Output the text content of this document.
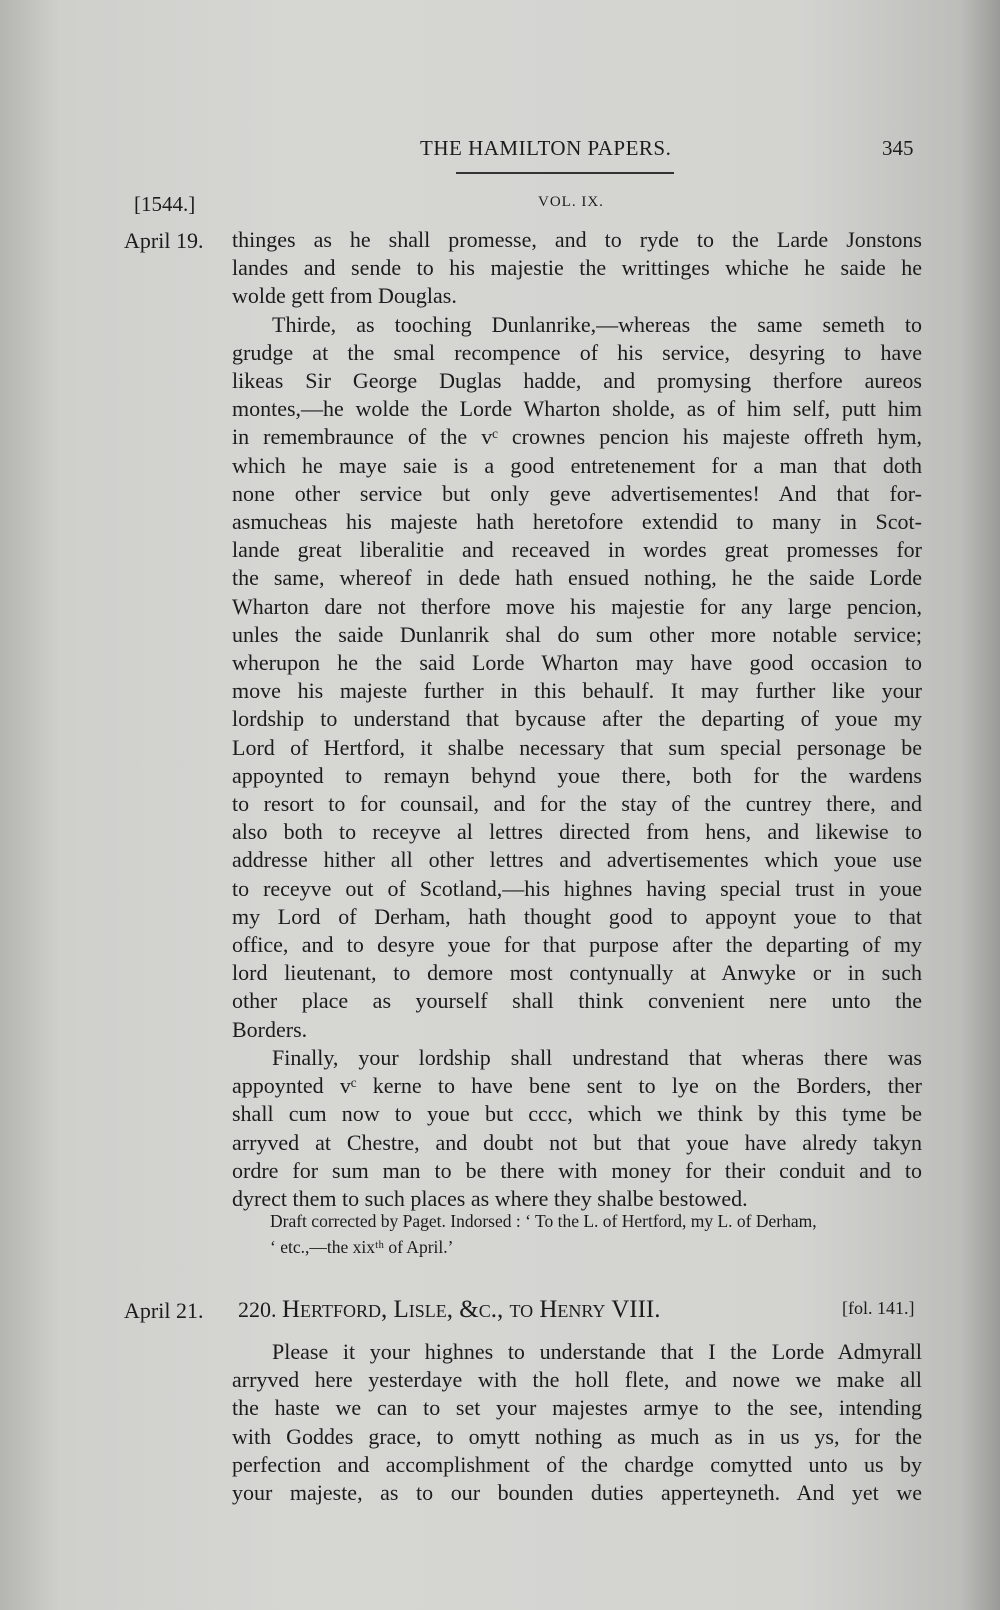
THE HAMILTON PAPERS.	345
[1544.]	VOL. IX.
April 19. thinges as he shall promesse, and to ryde to the Larde Jonstons
landes and sende to his majestie the writtinges whiche he saide he
wolde gett from Douglas.
Thirde, as tooching Dunlanrike,—whereas the same semeth to
grudge at the smal recompence of his service, desyring to have
likeas Sir George Duglas hadde, and promysing therfore aureos
montes,—he wolde the Lorde Wharton sholde, as of him self, putt him
in remembraunce of the vᶜ crownes pencion his majeste offreth hym,
which he maye saie is a good entretenement for a man that doth
none other service but only geve advertisementes! And that for-
asmucheas his majeste hath heretofore extendid to many in Scot-
lande great liberalitie and receaved in wordes great promesses for
the same, whereof in dede hath ensued nothing, he the saide Lorde
Wharton dare not therfore move his majestie for any large pencion,
unles the saide Dunlanrik shal do sum other more notable service;
wherupon he the said Lorde Wharton may have good occasion to
move his majeste further in this behaulf. It may further like your
lordship to understand that bycause after the departing of youe my
Lord of Hertford, it shalbe necessary that sum special personage be
appoynted to remayn behynd youe there, both for the wardens
to resort to for counsail, and for the stay of the cuntrey there, and
also both to receyve al lettres directed from hens, and likewise to
addresse hither all other lettres and advertisementes which youe use
to receyve out of Scotland,—his highnes having special trust in youe
my Lord of Derham, hath thought good to appoynt youe to that
office, and to desyre youe for that purpose after the departing of my
lord lieutenant, to demore most contynually at Anwyke or in such
other place as yourself shall think convenient nere unto the
Borders.
Finally, your lordship shall undrestand that wheras there was
appoynted vᶜ kerne to have bene sent to lye on the Borders, ther
shall cum now to youe but cccc, which we think by this tyme be
arryved at Chestre, and doubt not but that youe have alredy takyn
ordre for sum man to be there with money for their conduit and to
dyrect them to such places as where they shalbe bestowed.
Draft corrected by Paget. Indorsed : ‘ To the L. of Hertford, my L. of Derham,
‘ etc.,—the xixᵗʰ of April.’
April 21. 220. Hertford, Lisle, &c., to Henry VIII.	[fol. 141.]
Please it your highnes to understande that I the Lorde Admyrall
arryved here yesterdaye with the holl flete, and nowe we make all
the haste we can to set your majestes armye to the see, intending
with Goddes grace, to omytt nothing as much as in us ys, for the
perfection and accomplishment of the chardge comytted unto us by
your majeste, as to our bounden duties apperteyneth. And yet we
